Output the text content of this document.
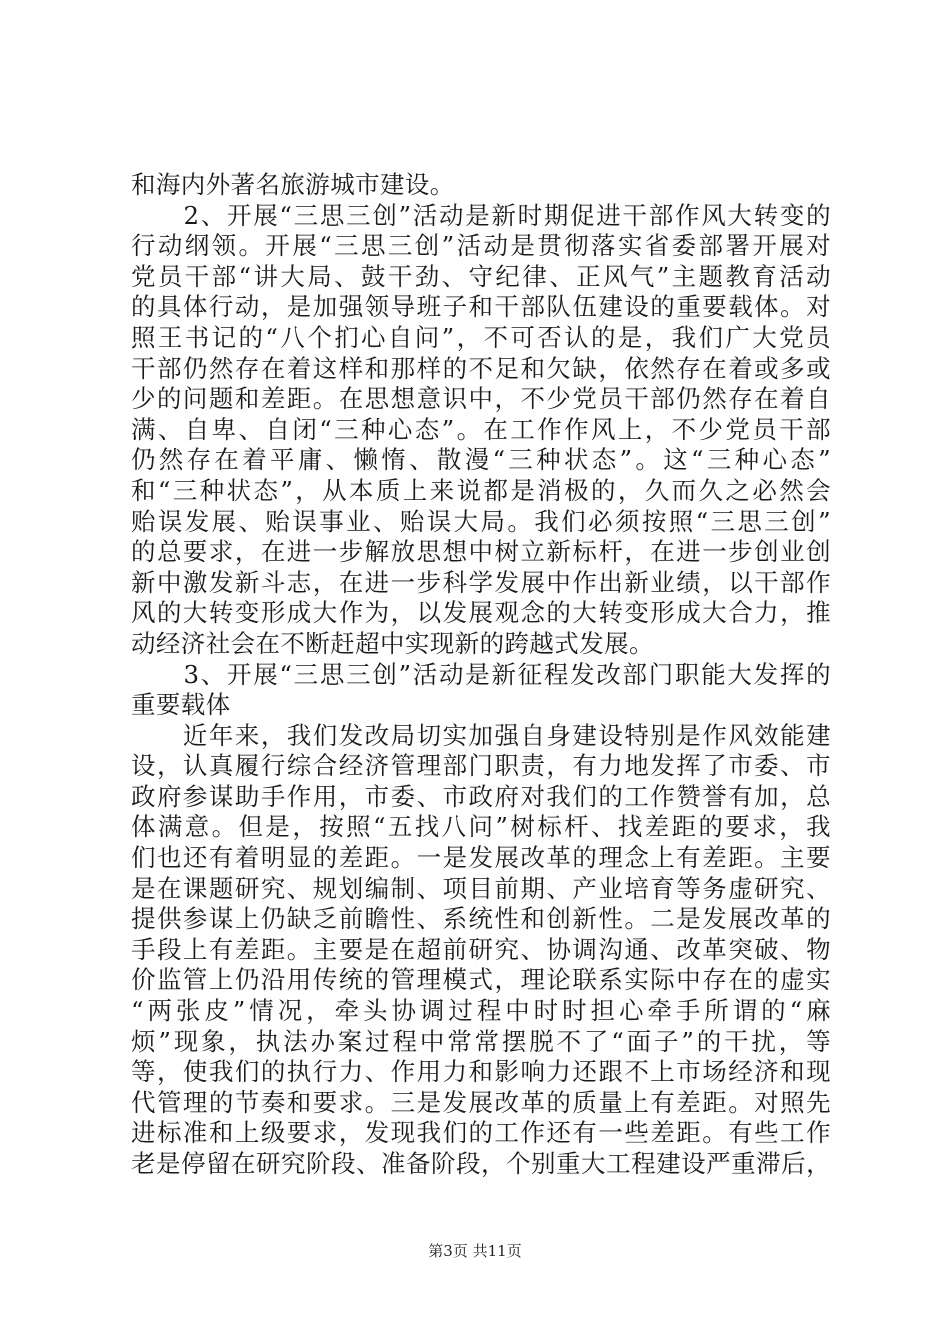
和海内外著名旅游城市建设。
　　2、开展“三思三创”活动是新时期促进干部作风大转变的
行动纲领。开展“三思三创”活动是贯彻落实省委部署开展对
党员干部“讲大局、鼓干劲、守纪律、正风气”主题教育活动
的具体行动，是加强领导班子和干部队伍建设的重要载体。对
照王书记的“八个扪心自问”，不可否认的是，我们广大党员
干部仍然存在着这样和那样的不足和欠缺，依然存在着或多或
少的问题和差距。在思想意识中，不少党员干部仍然存在着自
满、自卑、自闭“三种心态”。在工作作风上，不少党员干部
仍然存在着平庸、懒惰、散漫“三种状态”。这“三种心态”
和“三种状态”，从本质上来说都是消极的，久而久之必然会
贻误发展、贻误事业、贻误大局。我们必须按照“三思三创”
的总要求，在进一步解放思想中树立新标杆，在进一步创业创
新中激发新斗志，在进一步科学发展中作出新业绩，以干部作
风的大转变形成大作为，以发展观念的大转变形成大合力，推
动经济社会在不断赶超中实现新的跨越式发展。
　　3、开展“三思三创”活动是新征程发改部门职能大发挥的
重要载体
　　近年来，我们发改局切实加强自身建设特别是作风效能建
设，认真履行综合经济管理部门职责，有力地发挥了市委、市
政府参谋助手作用，市委、市政府对我们的工作赞誉有加，总
体满意。但是，按照“五找八问”树标杆、找差距的要求，我
们也还有着明显的差距。一是发展改革的理念上有差距。主要
是在课题研究、规划编制、项目前期、产业培育等务虚研究、
提供参谋上仍缺乏前瞻性、系统性和创新性。二是发展改革的
手段上有差距。主要是在超前研究、协调沟通、改革突破、物
价监管上仍沿用传统的管理模式，理论联系实际中存在的虚实
“两张皮”情况，牵头协调过程中时时担心牵手所谓的“麻
烦”现象，执法办案过程中常常摆脱不了“面子”的干扰，等
等，使我们的执行力、作用力和影响力还跟不上市场经济和现
代管理的节奏和要求。三是发展改革的质量上有差距。对照先
进标准和上级要求，发现我们的工作还有一些差距。有些工作
老是停留在研究阶段、准备阶段，个别重大工程建设严重滞后，
第3页 共11页
